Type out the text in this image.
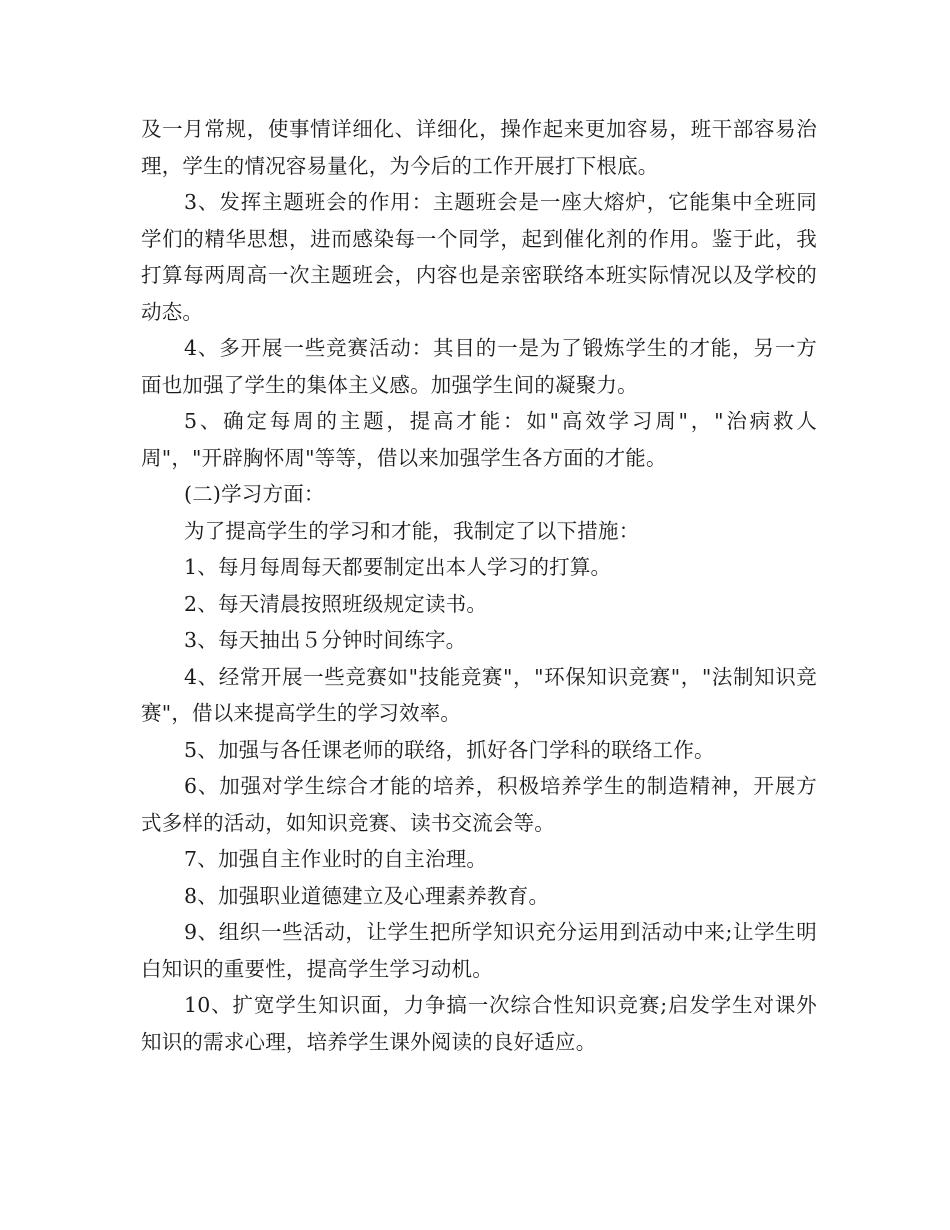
及一月常规，使事情详细化、详细化，操作起来更加容易，班干部容易治理，学生的情况容易量化，为今后的工作开展打下根底。

3、发挥主题班会的作用：主题班会是一座大熔炉，它能集中全班同学们的精华思想，进而感染每一个同学，起到催化剂的作用。鉴于此，我打算每两周高一次主题班会，内容也是亲密联络本班实际情况以及学校的动态。

4、多开展一些竞赛活动：其目的一是为了锻炼学生的才能，另一方面也加强了学生的集体主义感。加强学生间的凝聚力。

5、确定每周的主题，提高才能：如"高效学习周"，"治病救人周"，"开辟胸怀周"等等，借以来加强学生各方面的才能。

(二)学习方面：

为了提高学生的学习和才能，我制定了以下措施：

1、每月每周每天都要制定出本人学习的打算。

2、每天清晨按照班级规定读书。

3、每天抽出５分钟时间练字。

4、经常开展一些竞赛如"技能竞赛"，"环保知识竞赛"，"法制知识竞赛"，借以来提高学生的学习效率。

5、加强与各任课老师的联络，抓好各门学科的联络工作。

6、加强对学生综合才能的培养，积极培养学生的制造精神，开展方式多样的活动，如知识竞赛、读书交流会等。

7、加强自主作业时的自主治理。

8、加强职业道德建立及心理素养教育。

9、组织一些活动，让学生把所学知识充分运用到活动中来;让学生明白知识的重要性，提高学生学习动机。

10、扩宽学生知识面，力争搞一次综合性知识竞赛;启发学生对课外知识的需求心理，培养学生课外阅读的良好适应。
